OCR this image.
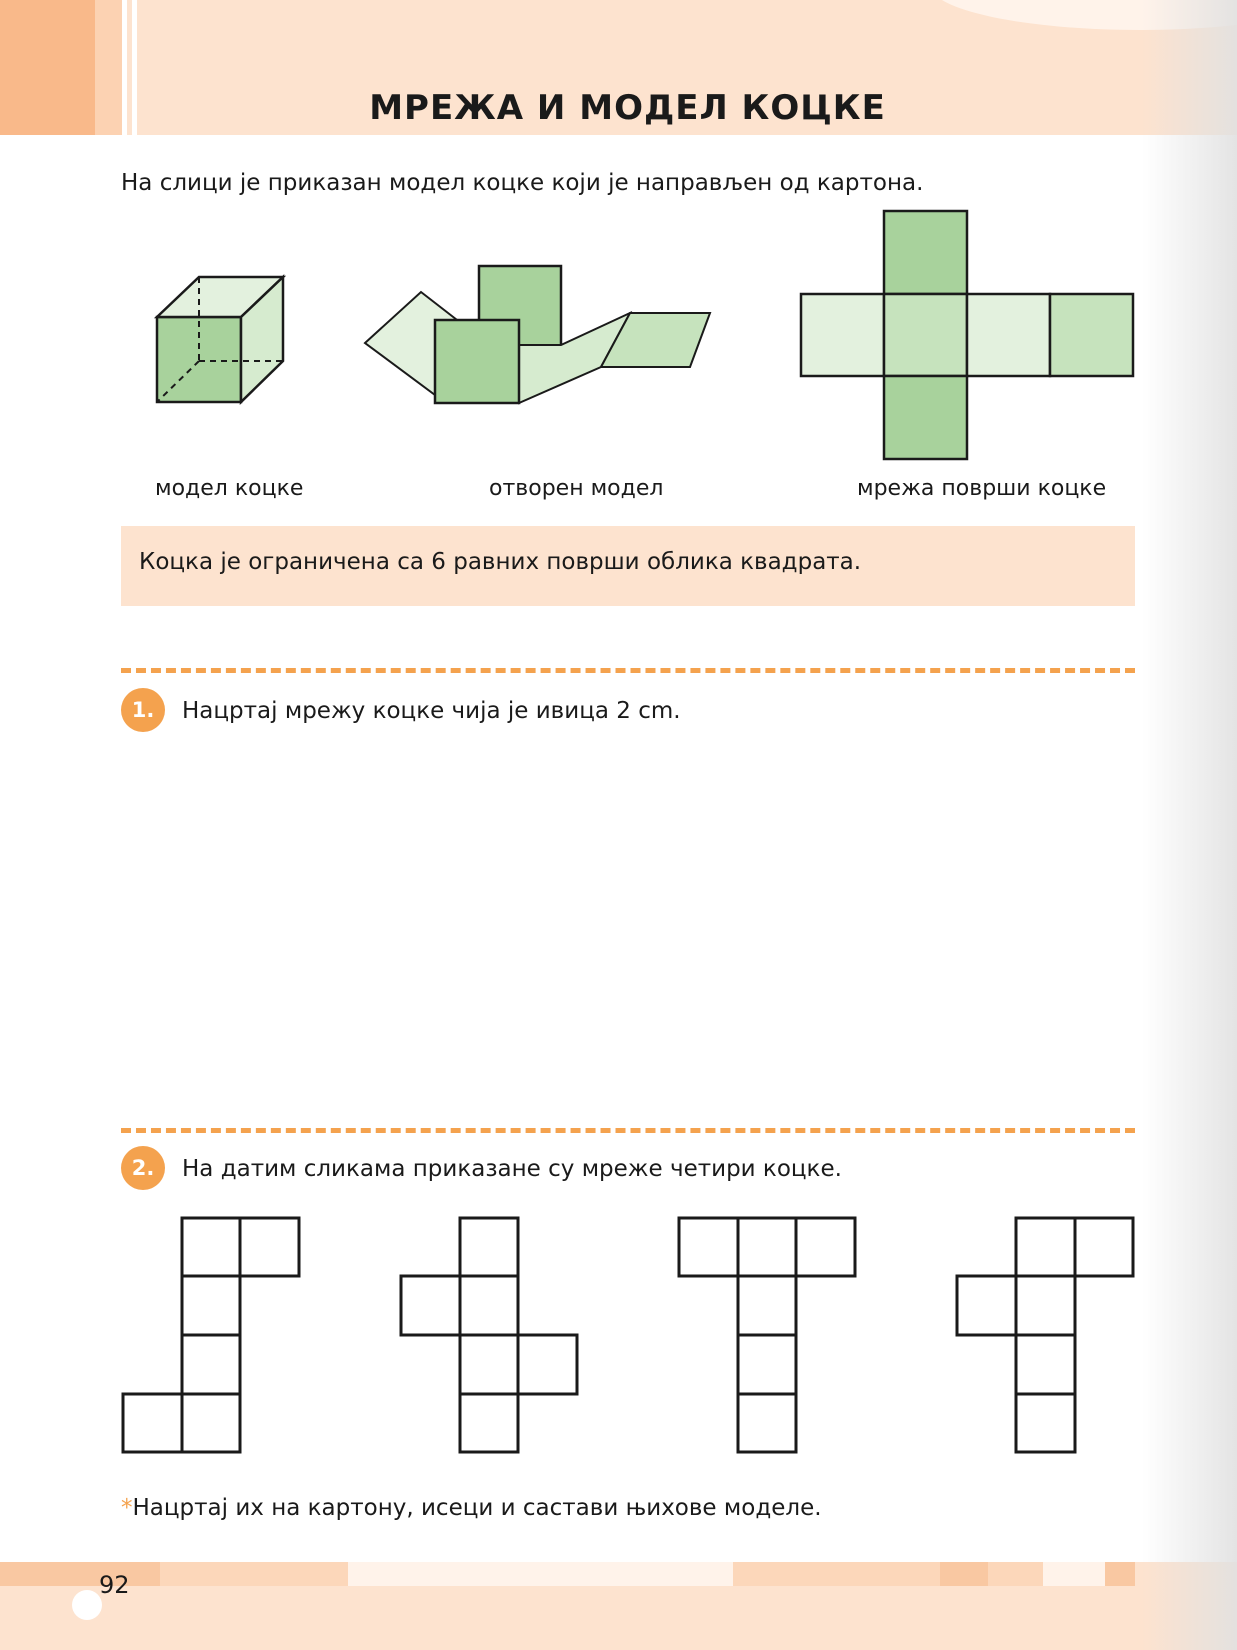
МРЕЖА И МОДЕЛ КОЦКЕ
На слици је приказан модел коцке који је направљен од картона.
модел коцке	отворен модел	мрежа површи коцке
Коцка је ограничена са 6 равних површи облика квадрата.
1.	Нацртај мрежу коцке чија је ивица 2 cm.
2.	На датим сликама приказане су мреже четири коцке.
*Нацртај их на картону, исеци и састави њихове моделе.
92
